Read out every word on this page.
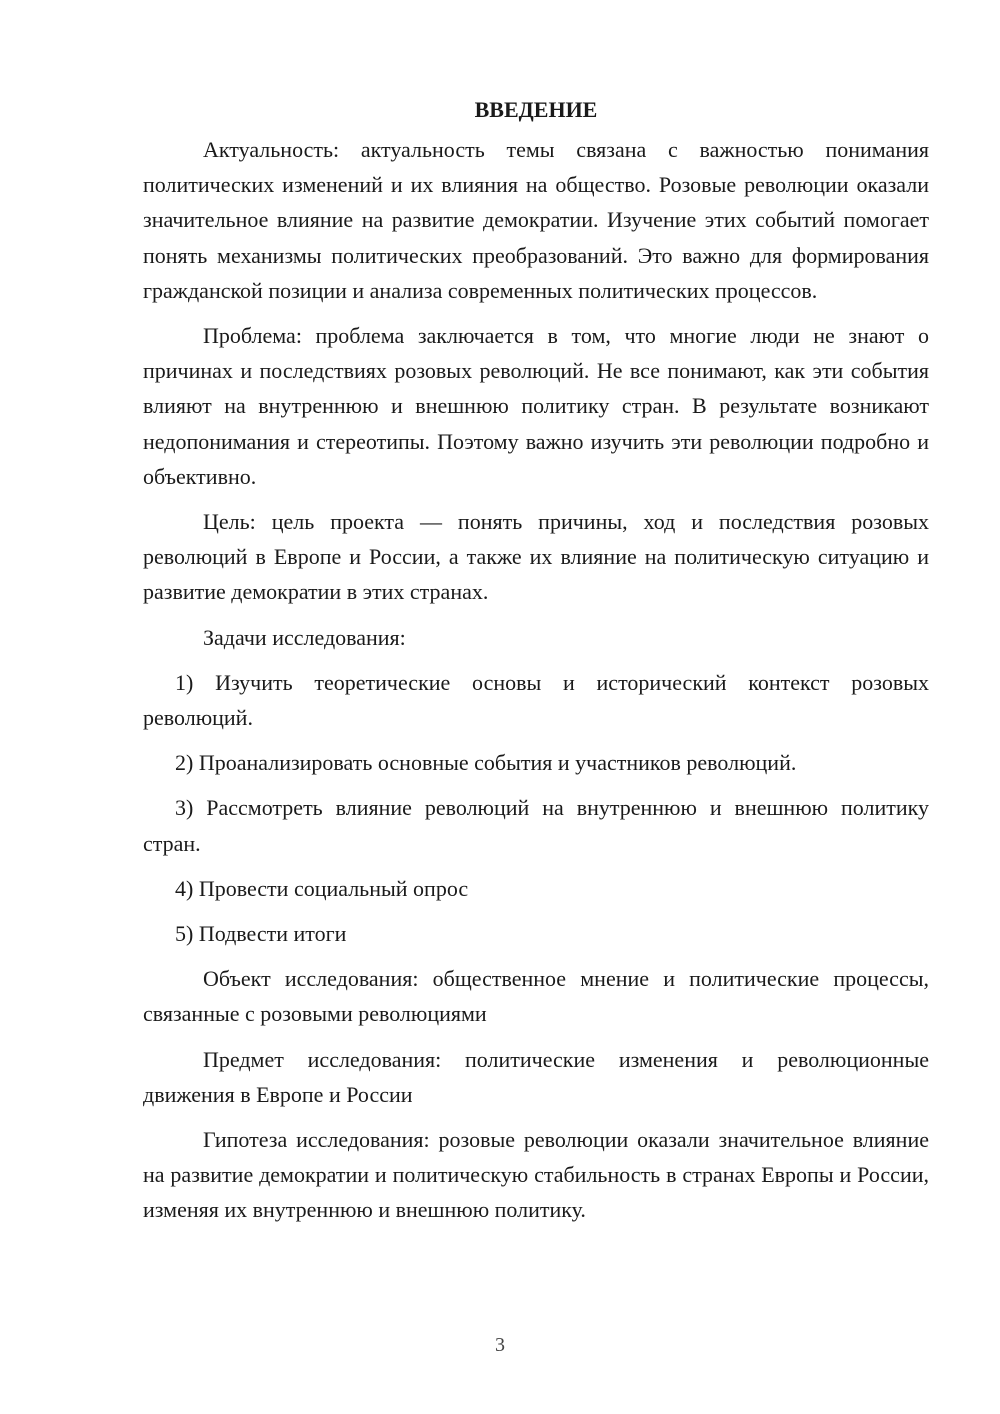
ВВЕДЕНИЕ

Актуальность: актуальность темы связана с важностью понимания политических изменений и их влияния на общество. Розовые революции оказали значительное влияние на развитие демократии. Изучение этих событий помогает понять механизмы политических преобразований. Это важно для формирования гражданской позиции и анализа современных политических процессов.

Проблема: проблема заключается в том, что многие люди не знают о причинах и последствиях розовых революций. Не все понимают, как эти события влияют на внутреннюю и внешнюю политику стран. В результате возникают недопонимания и стереотипы. Поэтому важно изучить эти революции подробно и объективно.

Цель: цель проекта — понять причины, ход и последствия розовых революций в Европе и России, а также их влияние на политическую ситуацию и развитие демократии в этих странах.

Задачи исследования:

1) Изучить теоретические основы и исторический контекст розовых революций.

2) Проанализировать основные события и участников революций.

3) Рассмотреть влияние революций на внутреннюю и внешнюю политику стран.

4) Провести социальный опрос

5) Подвести итоги

Объект исследования: общественное мнение и политические процессы, связанные с розовыми революциями

Предмет исследования: политические изменения и революционные движения в Европе и России

Гипотеза исследования: розовые революции оказали значительное влияние на развитие демократии и политическую стабильность в странах Европы и России, изменяя их внутреннюю и внешнюю политику.

3
